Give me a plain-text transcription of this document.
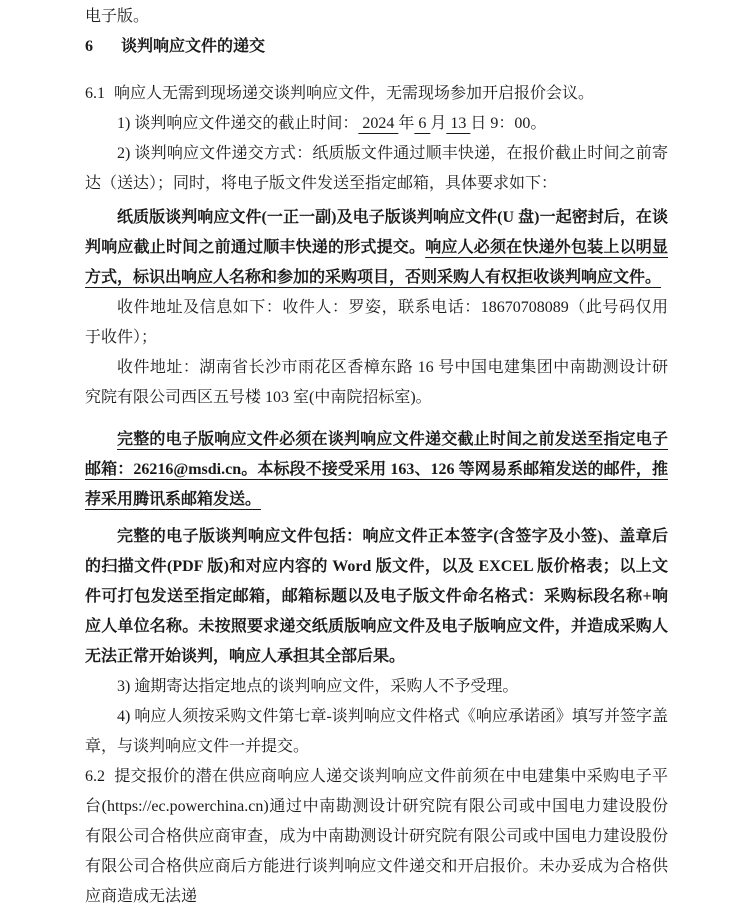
电子版。

6 谈判响应文件的递交

6.1 响应人无需到现场递交谈判响应文件，无需现场参加开启报价会议。

1) 谈判响应文件递交的截止时间： 2024 年 6 月 13 日 9：00。

2) 谈判响应文件递交方式：纸质版文件通过顺丰快递，在报价截止时间之前寄达（送达）；同时，将电子版文件发送至指定邮箱，具体要求如下：

纸质版谈判响应文件(一正一副)及电子版谈判响应文件(U 盘)一起密封后，在谈判响应截止时间之前通过顺丰快递的形式提交。响应人必须在快递外包装上以明显方式，标识出响应人名称和参加的采购项目，否则采购人有权拒收谈判响应文件。

收件地址及信息如下：收件人：罗姿，联系电话：18670708089（此号码仅用于收件）；

收件地址：湖南省长沙市雨花区香樟东路 16 号中国电建集团中南勘测设计研究院有限公司西区五号楼 103 室(中南院招标室)。

完整的电子版响应文件必须在谈判响应文件递交截止时间之前发送至指定电子邮箱：26216@msdi.cn。本标段不接受采用 163、126 等网易系邮箱发送的邮件，推荐采用腾讯系邮箱发送。

完整的电子版谈判响应文件包括：响应文件正本签字(含签字及小签)、盖章后的扫描文件(PDF 版)和对应内容的 Word 版文件，以及 EXCEL 版价格表；以上文件可打包发送至指定邮箱，邮箱标题以及电子版文件命名格式：采购标段名称+响应人单位名称。未按照要求递交纸质版响应文件及电子版响应文件，并造成采购人无法正常开始谈判，响应人承担其全部后果。

3) 逾期寄达指定地点的谈判响应文件，采购人不予受理。

4) 响应人须按采购文件第七章-谈判响应文件格式《响应承诺函》填写并签字盖章，与谈判响应文件一并提交。

6.2 提交报价的潜在供应商响应人递交谈判响应文件前须在中电建集中采购电子平台(https://ec.powerchina.cn)通过中南勘测设计研究院有限公司或中国电力建设股份有限公司合格供应商审查，成为中南勘测设计研究院有限公司或中国电力建设股份有限公司合格供应商后方能进行谈判响应文件递交和开启报价。未办妥成为合格供应商造成无法递
